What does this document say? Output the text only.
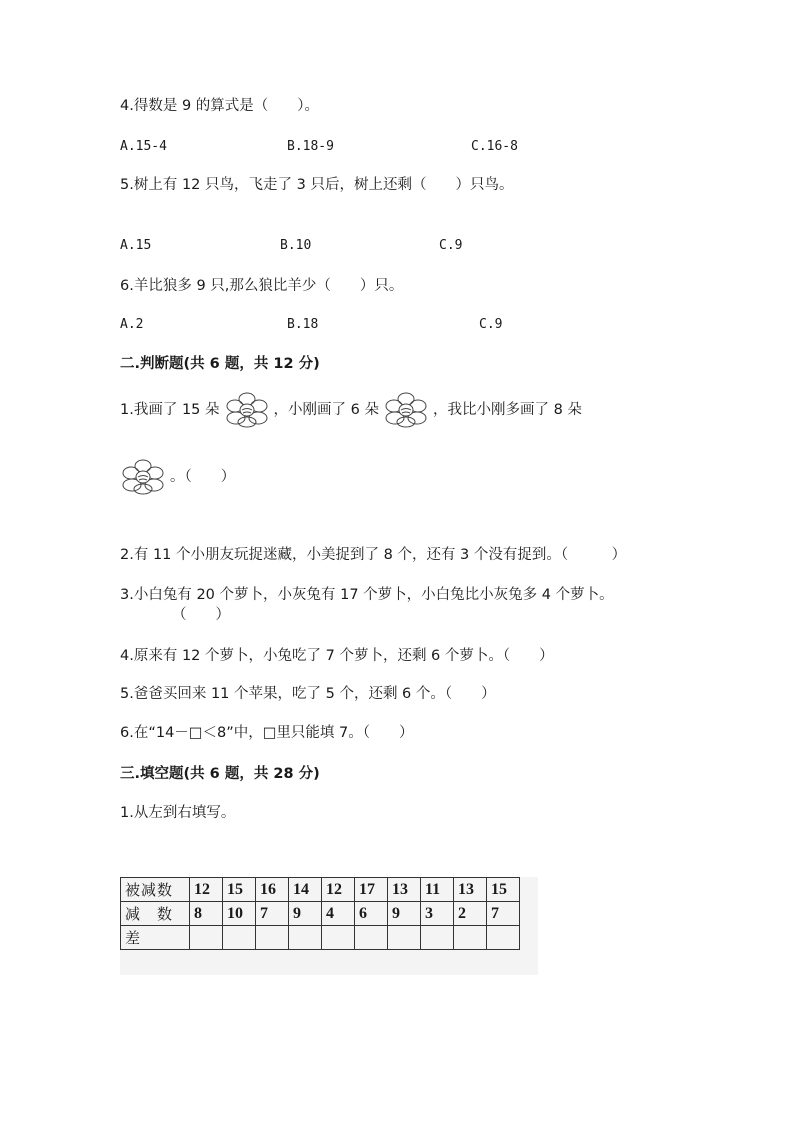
4.得数是 9 的算式是（　　）。
A.15-4	B.18-9	C.16-8
5.树上有 12 只鸟，飞走了 3 只后，树上还剩（　　）只鸟。
A.15	B.10	C.9
6.羊比狼多 9 只,那么狼比羊少（　　）只。
A.2	B.18	C.9
二.判断题(共 6 题，共 12 分)
1.我画了 15 朵	，小刚画了 6 朵	，我比小刚多画了 8 朵
。（　　）
2.有 11 个小朋友玩捉迷藏，小美捉到了 8 个，还有 3 个没有捉到。（　　　）
3.小白兔有 20 个萝卜，小灰兔有 17 个萝卜，小白兔比小灰兔多 4 个萝卜。
（　　）
4.原来有 12 个萝卜，小兔吃了 7 个萝卜，还剩 6 个萝卜。（　　）
5.爸爸买回来 11 个苹果，吃了 5 个，还剩 6 个。（　　）
6.在“14－□＜8”中，□里只能填 7。（　　）
三.填空题(共 6 题，共 28 分)
1.从左到右填写。
被减数	12	15	16	14	12	17	13	11	13	15
减　数	8	10	7	9	4	6	9	3	2	7
差										
